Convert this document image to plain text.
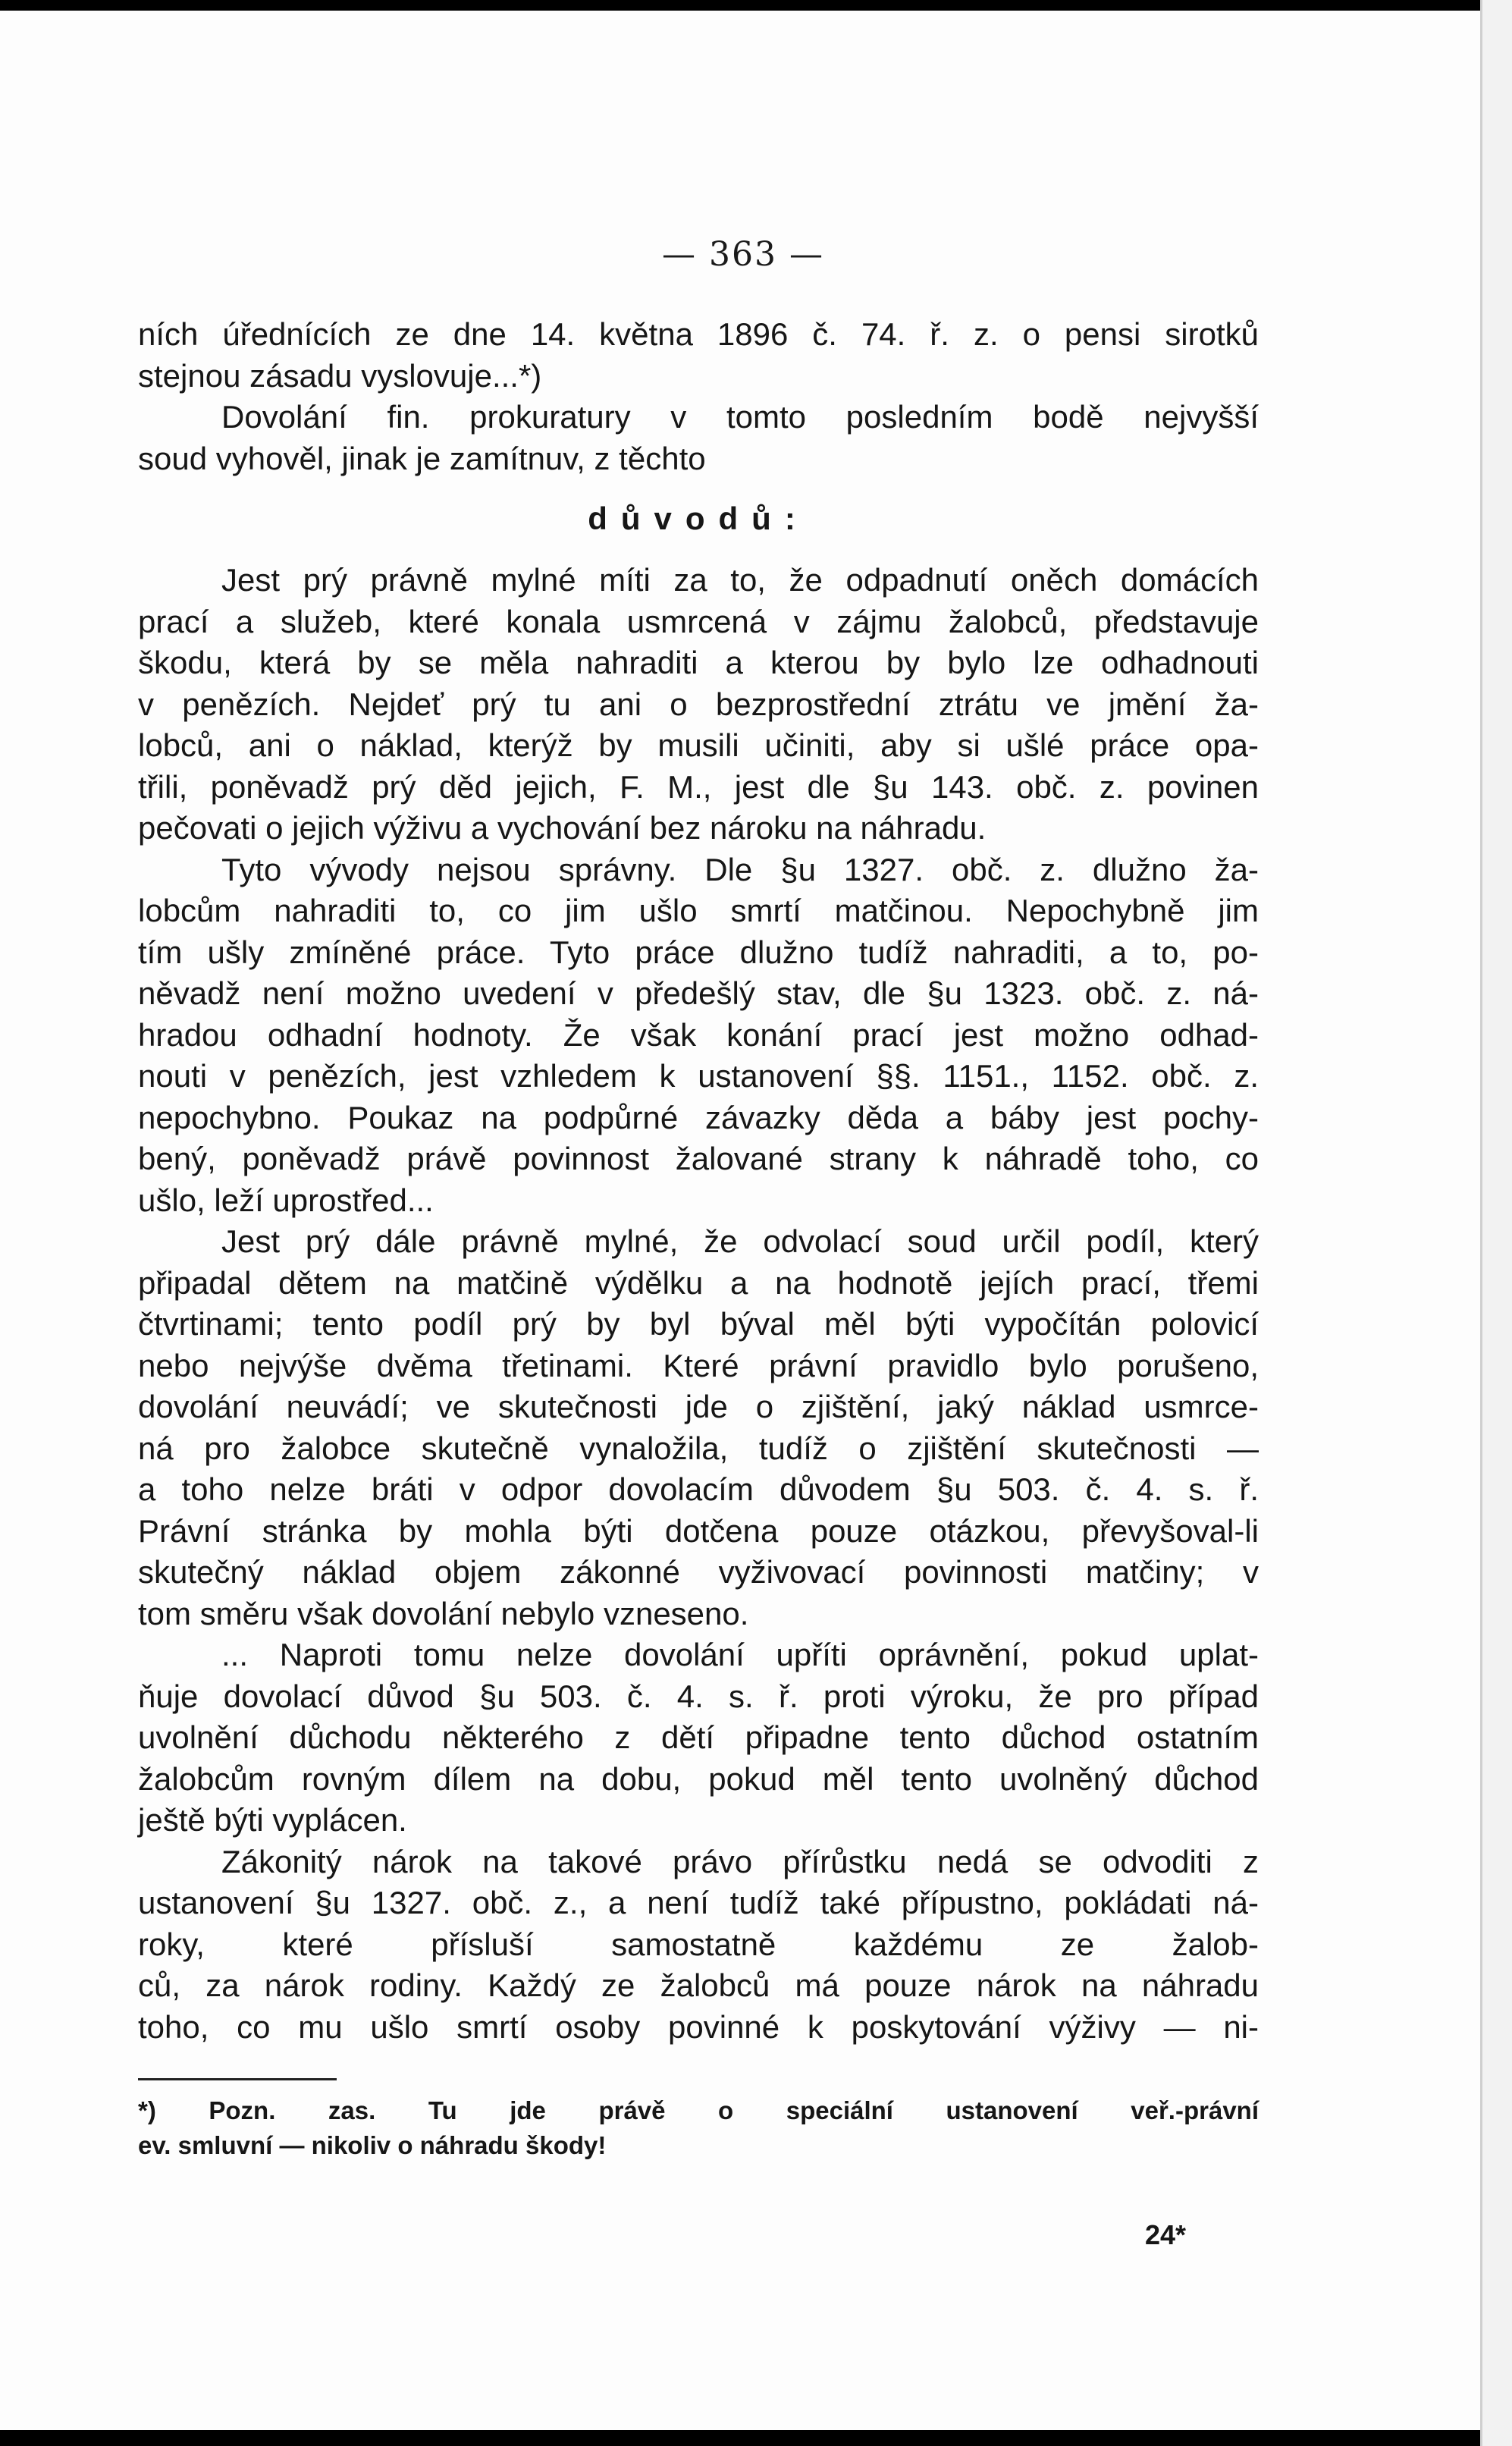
— 363 —
ních úřednících ze dne 14. května 1896 č. 74. ř. z. o pensi sirotků
stejnou zásadu vyslovuje...*)
Dovolání fin. prokuratury v tomto posledním bodě nejvyšší
soud vyhověl, jinak je zamítnuv, z těchto
důvodů:
Jest prý právně mylné míti za to, že odpadnutí oněch domácích
prací a služeb, které konala usmrcená v zájmu žalobců, představuje
škodu, která by se měla nahraditi a kterou by bylo lze odhadnouti
v penězích. Nejdeť prý tu ani o bezprostřední ztrátu ve jmění ža-
lobců, ani o náklad, kterýž by musili učiniti, aby si ušlé práce opa-
třili, poněvadž prý děd jejich, F. M., jest dle §u 143. obč. z. povinen
pečovati o jejich výživu a vychování bez nároku na náhradu.
Tyto vývody nejsou správny. Dle §u 1327. obč. z. dlužno ža-
lobcům nahraditi to, co jim ušlo smrtí matčinou. Nepochybně jim
tím ušly zmíněné práce. Tyto práce dlužno tudíž nahraditi, a to, po-
něvadž není možno uvedení v předešlý stav, dle §u 1323. obč. z. ná-
hradou odhadní hodnoty. Že však konání prací jest možno odhad-
nouti v penězích, jest vzhledem k ustanovení §§. 1151., 1152. obč. z.
nepochybno. Poukaz na podpůrné závazky děda a báby jest pochy-
bený, poněvadž právě povinnost žalované strany k náhradě toho, co
ušlo, leží uprostřed...
Jest prý dále právně mylné, že odvolací soud určil podíl, který
připadal dětem na matčině výdělku a na hodnotě jejích prací, třemi
čtvrtinami; tento podíl prý by byl býval měl býti vypočítán polovicí
nebo nejvýše dvěma třetinami. Které právní pravidlo bylo porušeno,
dovolání neuvádí; ve skutečnosti jde o zjištění, jaký náklad usmrce-
ná pro žalobce skutečně vynaložila, tudíž o zjištění skutečnosti —
a toho nelze bráti v odpor dovolacím důvodem §u 503. č. 4. s. ř.
Právní stránka by mohla býti dotčena pouze otázkou, převyšoval-li
skutečný náklad objem zákonné vyživovací povinnosti matčiny; v
tom směru však dovolání nebylo vzneseno.
... Naproti tomu nelze dovolání upříti oprávnění, pokud uplat-
ňuje dovolací důvod §u 503. č. 4. s. ř. proti výroku, že pro případ
uvolnění důchodu některého z dětí připadne tento důchod ostatním
žalobcům rovným dílem na dobu, pokud měl tento uvolněný důchod
ještě býti vyplácen.
Zákonitý nárok na takové právo přírůstku nedá se odvoditi z
ustanovení §u 1327. obč. z., a není tudíž také přípustno, pokládati ná-
roky, které přísluší samostatně každému ze žalob-
ců, za nárok rodiny. Každý ze žalobců má pouze nárok na náhradu
toho, co mu ušlo smrtí osoby povinné k poskytování výživy — ni-
*) Pozn. zas. Tu jde právě o speciální ustanovení veř.-právní
ev. smluvní — nikoliv o náhradu škody!
24*
